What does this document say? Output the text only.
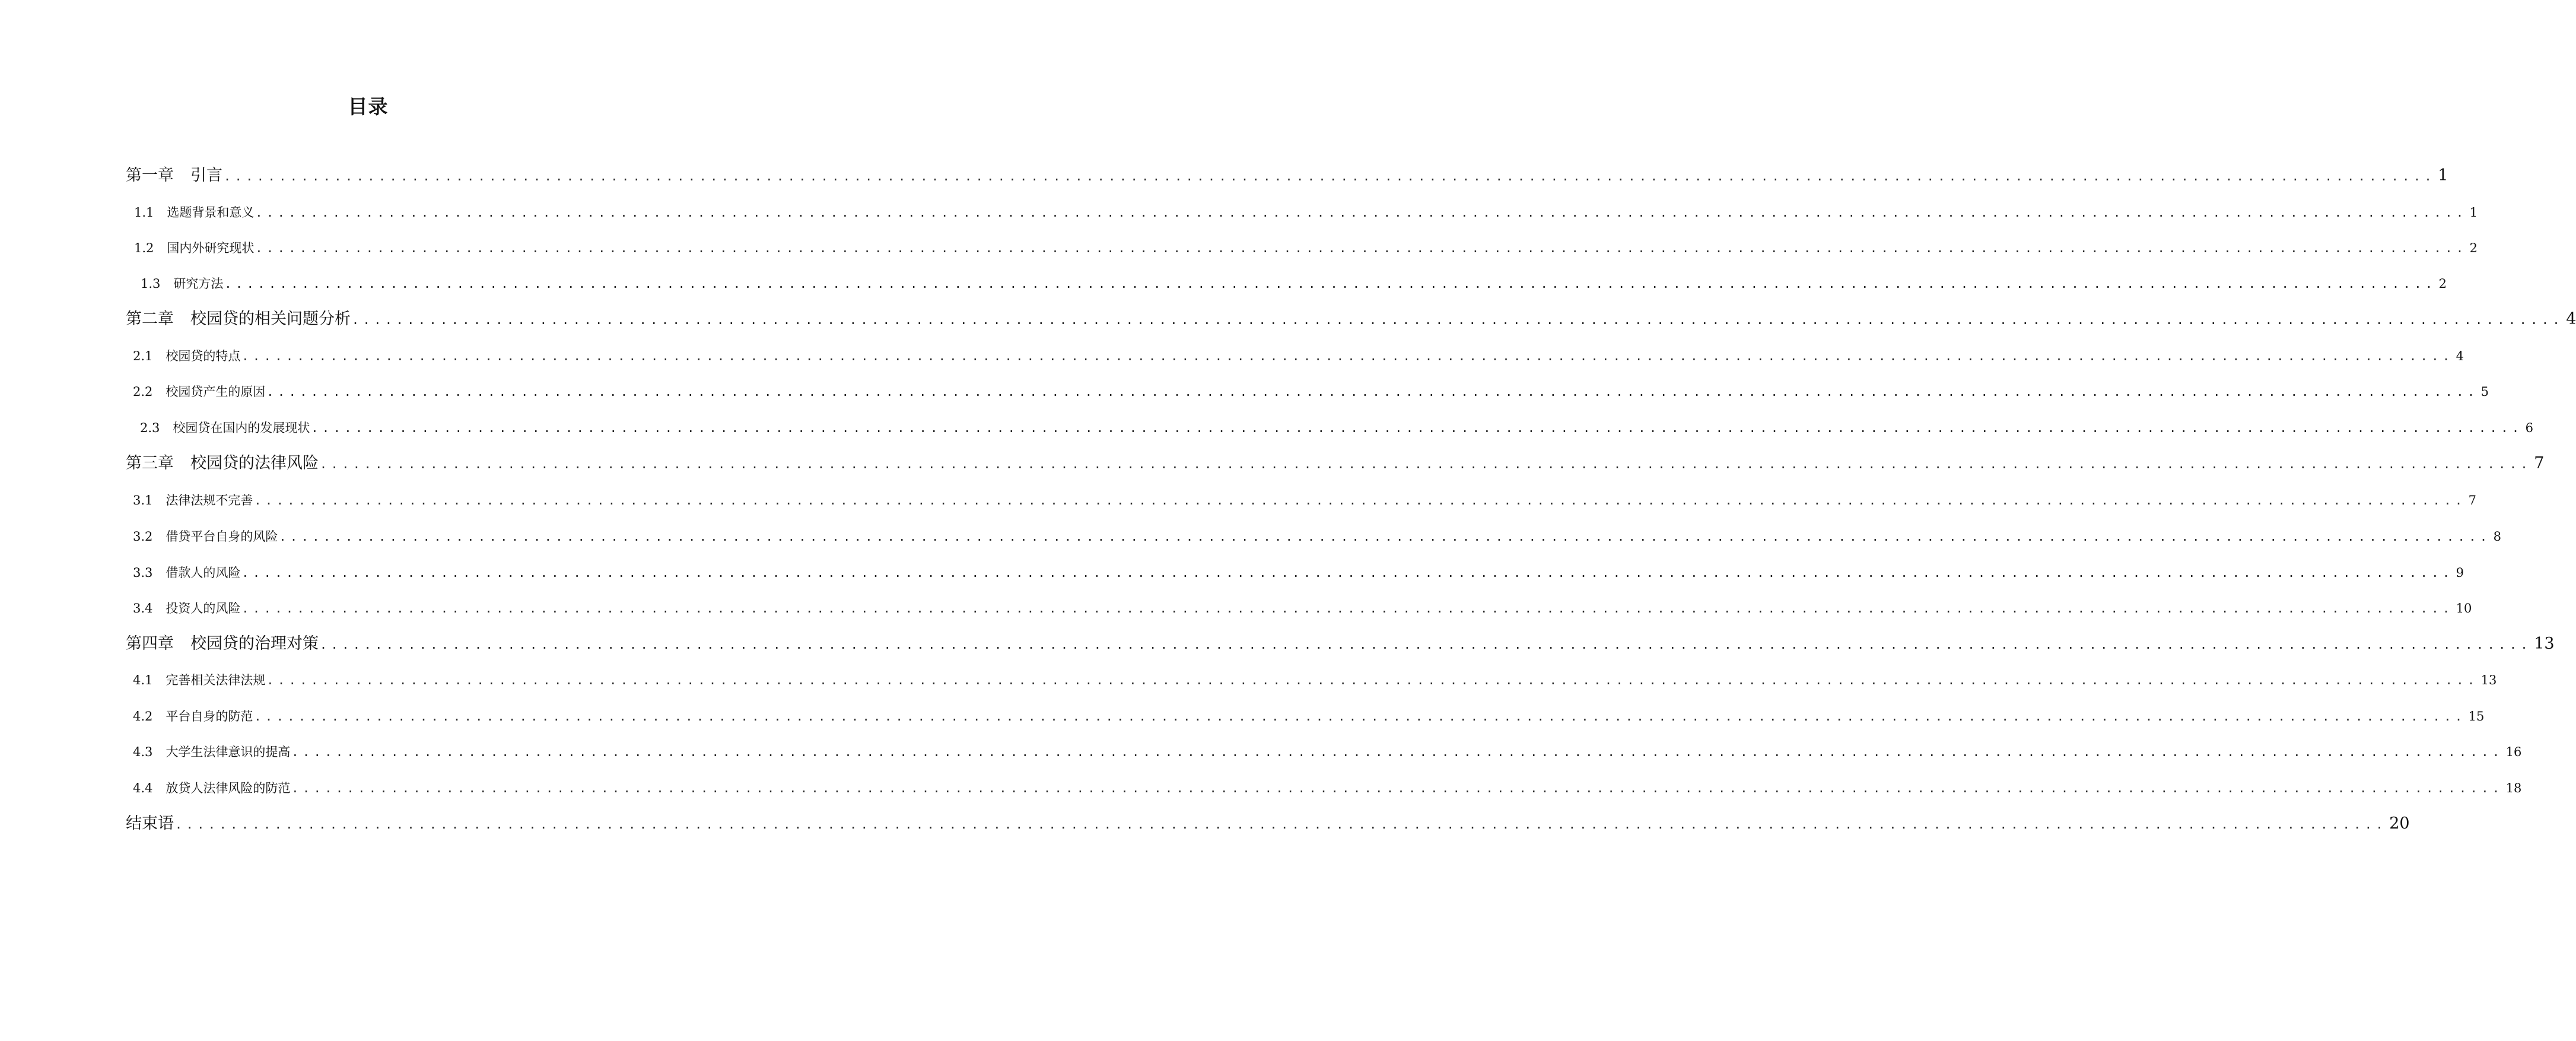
目录
第一章 引言 ........................................................................................................................................................................................................ 1
1.1 选题背景和意义 ........................................................................................................................................................................................................ 1
1.2 国内外研究现状 ........................................................................................................................................................................................................ 2
1.3 研究方法 ........................................................................................................................................................................................................ 2
第二章 校园贷的相关问题分析 ........................................................................................................................................................................................................ 4
2.1 校园贷的特点 ........................................................................................................................................................................................................ 4
2.2 校园贷产生的原因 ........................................................................................................................................................................................................ 5
2.3 校园贷在国内的发展现状 ........................................................................................................................................................................................................ 6
第三章 校园贷的法律风险 ........................................................................................................................................................................................................ 7
3.1 法律法规不完善 ........................................................................................................................................................................................................ 7
3.2 借贷平台自身的风险 ........................................................................................................................................................................................................ 8
3.3 借款人的风险 ........................................................................................................................................................................................................ 9
3.4 投资人的风险 ........................................................................................................................................................................................................ 10
第四章 校园贷的治理对策 ........................................................................................................................................................................................................ 13
4.1 完善相关法律法规 ........................................................................................................................................................................................................ 13
4.2 平台自身的防范 ........................................................................................................................................................................................................ 15
4.3 大学生法律意识的提高 ........................................................................................................................................................................................................ 16
4.4 放贷人法律风险的防范 ........................................................................................................................................................................................................ 18
结束语 ........................................................................................................................................................................................................ 20
